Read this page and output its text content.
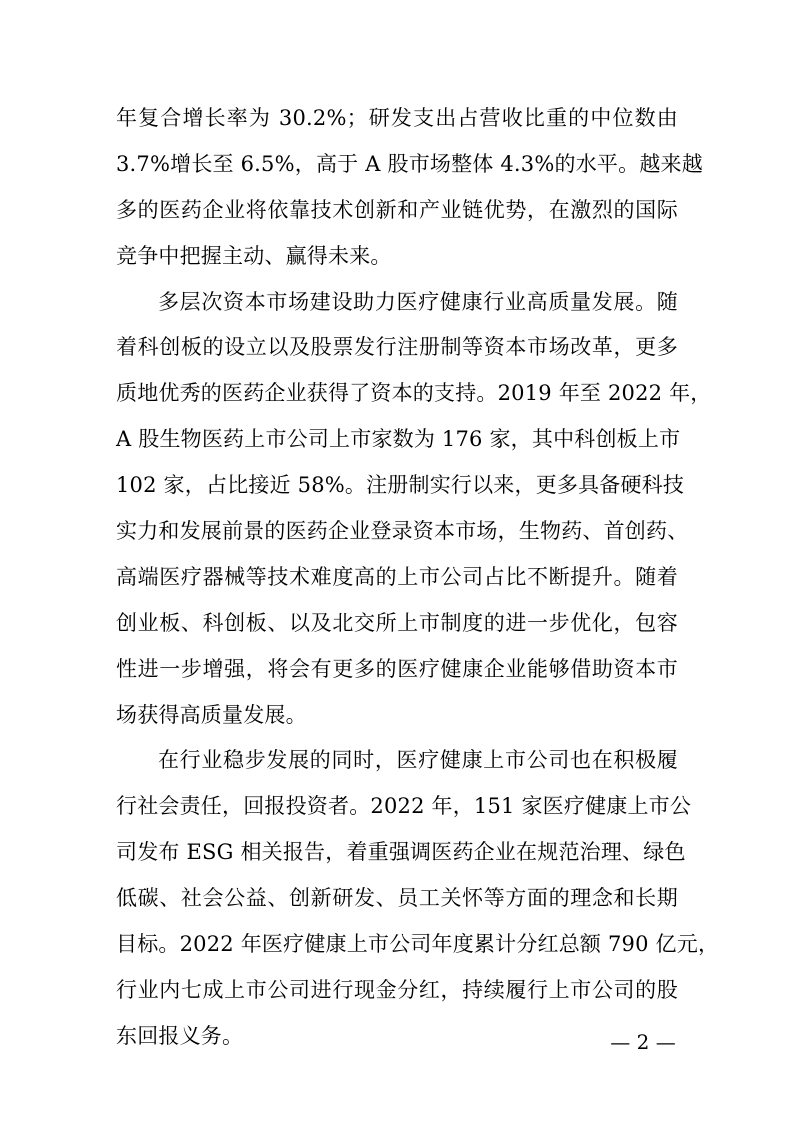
年复合增长率为 30.2%；研发支出占营收比重的中位数由
3.7%增长至 6.5%，高于 A 股市场整体 4.3%的水平。越来越
多的医药企业将依靠技术创新和产业链优势，在激烈的国际
竞争中把握主动、赢得未来。
多层次资本市场建设助力医疗健康行业高质量发展。随
着科创板的设立以及股票发行注册制等资本市场改革，更多
质地优秀的医药企业获得了资本的支持。2019 年至 2022 年，
A 股生物医药上市公司上市家数为 176 家，其中科创板上市
102 家，占比接近 58%。注册制实行以来，更多具备硬科技
实力和发展前景的医药企业登录资本市场，生物药、首创药、
高端医疗器械等技术难度高的上市公司占比不断提升。随着
创业板、科创板、以及北交所上市制度的进一步优化，包容
性进一步增强，将会有更多的医疗健康企业能够借助资本市
场获得高质量发展。
在行业稳步发展的同时，医疗健康上市公司也在积极履
行社会责任，回报投资者。2022 年，151 家医疗健康上市公
司发布 ESG 相关报告，着重强调医药企业在规范治理、绿色
低碳、社会公益、创新研发、员工关怀等方面的理念和长期
目标。2022 年医疗健康上市公司年度累计分红总额 790 亿元，
行业内七成上市公司进行现金分红，持续履行上市公司的股
东回报义务。	— 2 —
